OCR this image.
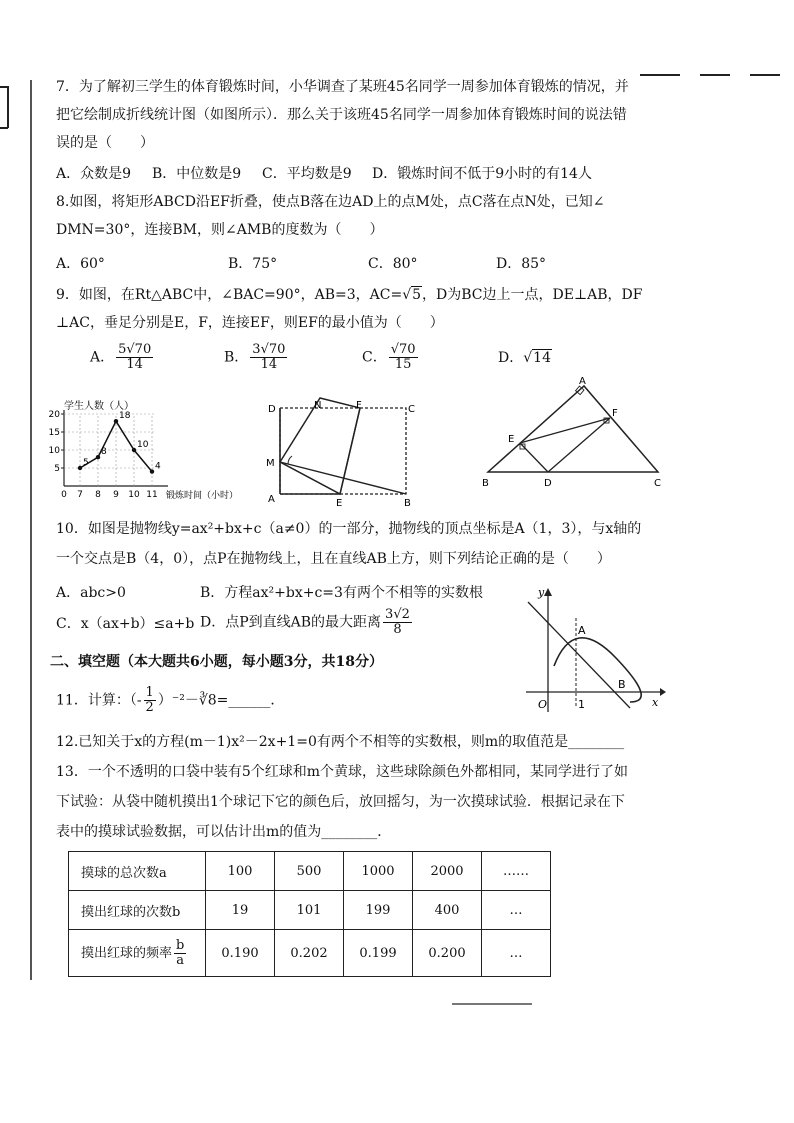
7．为了解初三学生的体育锻炼时间，小华调查了某班45名同学一周参加体育锻炼的情况，并
把它绘制成折线统计图（如图所示）．那么关于该班45名同学一周参加体育锻炼时间的说法错
误的是（　　）
A．众数是9 B．中位数是9 C．平均数是9 D．锻炼时间不低于9小时的有14人
8.如图，将矩形ABCD沿EF折叠，使点B落在边AD上的点M处，点C落在点N处，已知∠
DMN=30°，连接BM，则∠AMB的度数为（　　）
A．60°	B．75°	C．80°	D．85°
9．如图，在Rt△ABC中，∠BAC=90°，AB=3，AC=√5，D为BC边上一点，DE⊥AB，DF
⊥AC，垂足分别是E，F，连接EF，则EF的最小值为（　　）
A． $\frac{5√70}{14}$	B． $\frac{3√70}{14}$	C． $\frac{√70}{15}$	D．√14
5
10
15
20
0 7 8 9 10 11
5
8
18
10
4
学生人数（人）
锻炼时间（小时）
D	N	F	C
M
A	E	B
A
F
E
B	D	C
10．如图是抛物线y=ax²+bx+c（a≠0）的一部分，抛物线的顶点坐标是A（1，3），与x轴的
一个交点是B（4，0），点P在抛物线上，且在直线AB上方，则下列结论正确的是（　　）
A．abc>0	B．方程ax²+bx+c=3有两个不相等的实数根
C．x（ax+b）≤a+b D．点P到直线AB的最大距离 $\frac{3√2}{8}$
y
A
O	1
B
x
二、填空题（本大题共6小题，每小题3分，共18分）
11．计算：（- $\frac{1}{2}$ ）⁻²－∛8=______．
12.已知关于x的方程(m－1)x²－2x+1=0有两个不相等的实数根，则m的取值范是________
13．一个不透明的口袋中装有5个红球和m个黄球，这些球除颜色外都相同，某同学进行了如
下试验：从袋中随机摸出1个球记下它的颜色后，放回摇匀，为一次摸球试验．根据记录在下
表中的摸球试验数据，可以估计出m的值为________．
摸球的总次数a	100	500	1000	2000	……
摸出红球的次数b	19	101	199	400	…
摸出红球的频率 $\frac{b}{a}$	0.190	0.202	0.199	0.200	…
